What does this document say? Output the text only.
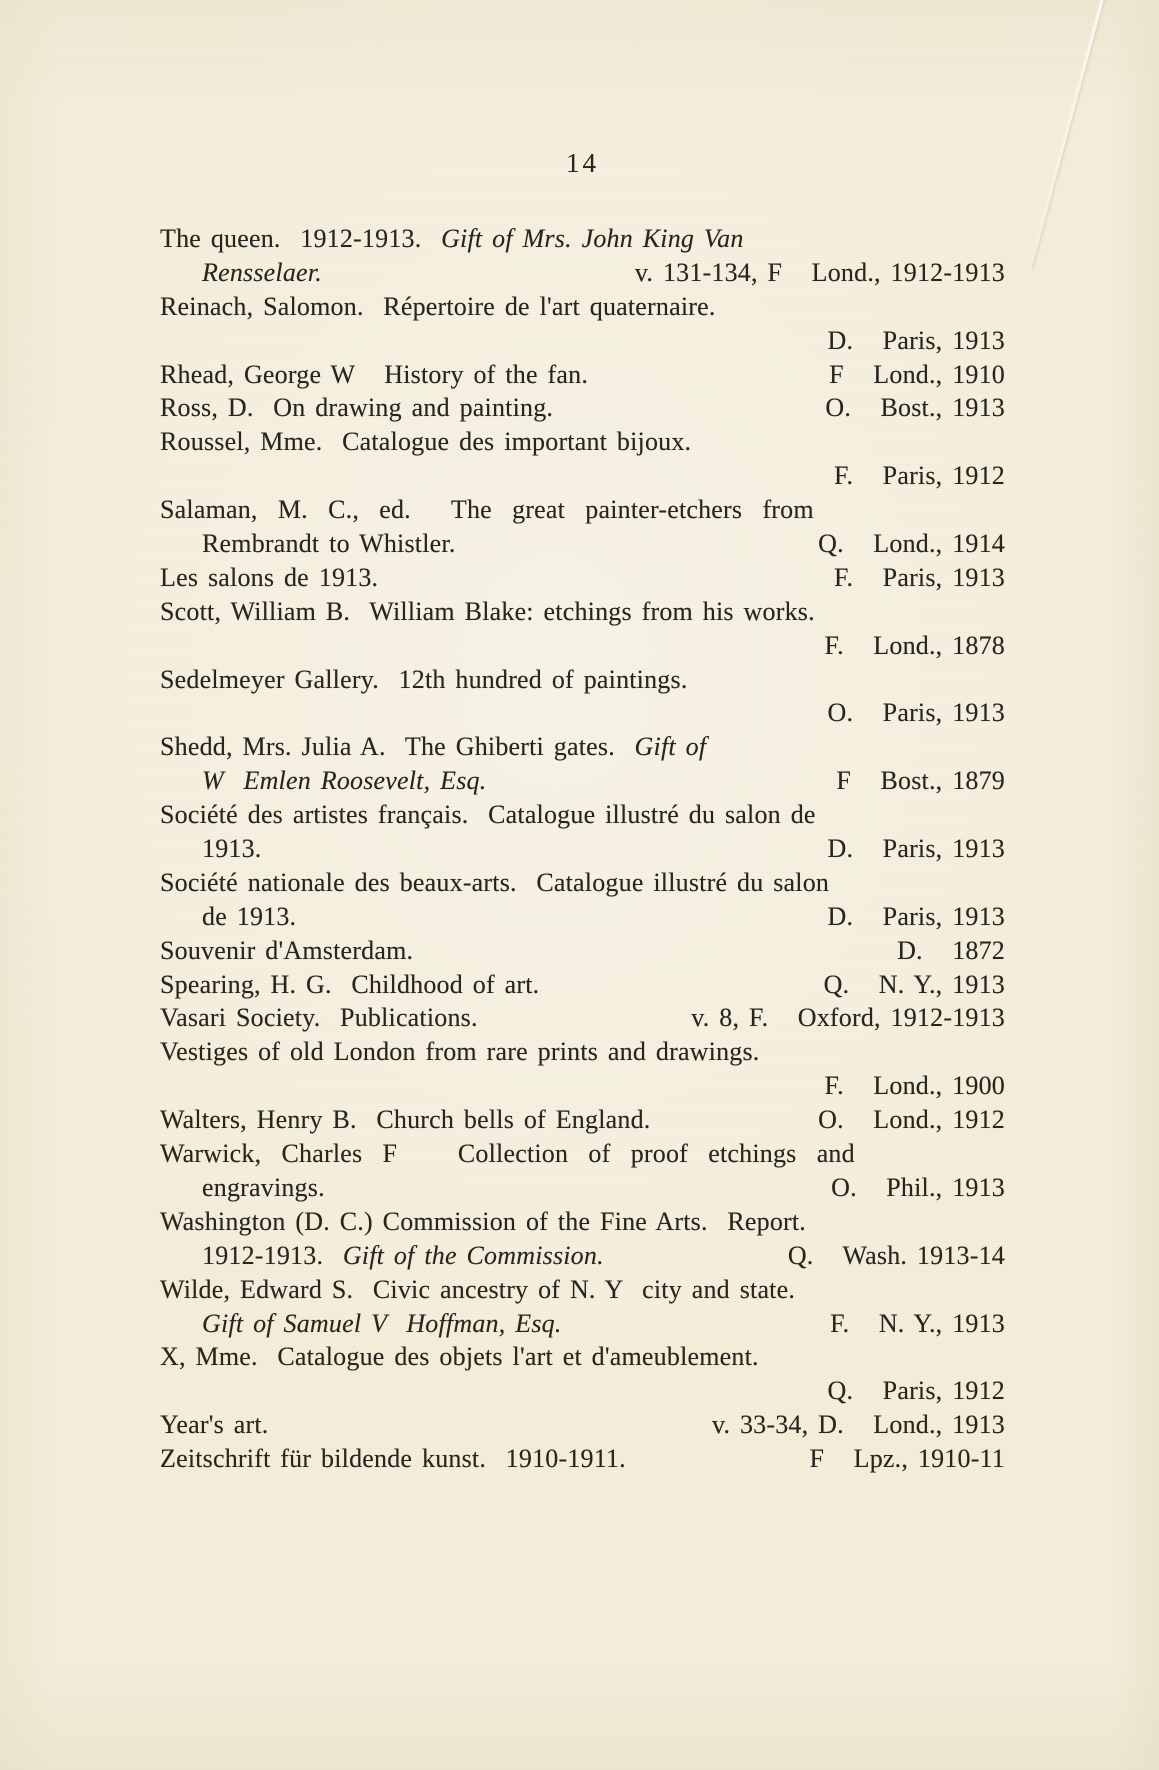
14
The queen.  1912-1913.  Gift of Mrs. John King Van
Rensselaer.	v. 131-134, F   Lond., 1912-1913
Reinach, Salomon.  Répertoire de l'art quaternaire.
D.   Paris, 1913
Rhead, George W   History of the fan.	F   Lond., 1910
Ross, D.  On drawing and painting.	O.   Bost., 1913
Roussel, Mme.  Catalogue des important bijoux.
F.   Paris, 1912
Salaman, M. C., ed.  The great painter-etchers from
Rembrandt to Whistler.	Q.   Lond., 1914
Les salons de 1913.	F.   Paris, 1913
Scott, William B.  William Blake: etchings from his works.
F.   Lond., 1878
Sedelmeyer Gallery.  12th hundred of paintings.
O.   Paris, 1913
Shedd, Mrs. Julia A.  The Ghiberti gates.  Gift of
W  Emlen Roosevelt, Esq.	F   Bost., 1879
Société des artistes français.  Catalogue illustré du salon de
1913.	D.   Paris, 1913
Société nationale des beaux-arts.  Catalogue illustré du salon
de 1913.	D.   Paris, 1913
Souvenir d'Amsterdam.	D.   1872
Spearing, H. G.  Childhood of art.	Q.   N. Y., 1913
Vasari Society.  Publications.	v. 8, F.   Oxford, 1912-1913
Vestiges of old London from rare prints and drawings.
F.   Lond., 1900
Walters, Henry B.  Church bells of England.	O.   Lond., 1912
Warwick, Charles F   Collection of proof etchings and
engravings.	O.   Phil., 1913
Washington (D. C.) Commission of the Fine Arts.  Report.
1912-1913.  Gift of the Commission.	Q.   Wash. 1913-14
Wilde, Edward S.  Civic ancestry of N. Y  city and state.
Gift of Samuel V  Hoffman, Esq.	F.   N. Y., 1913
X, Mme.  Catalogue des objets l'art et d'ameublement.
Q.   Paris, 1912
Year's art.	v. 33-34, D.   Lond., 1913
Zeitschrift für bildende kunst.  1910-1911.	F   Lpz., 1910-11
